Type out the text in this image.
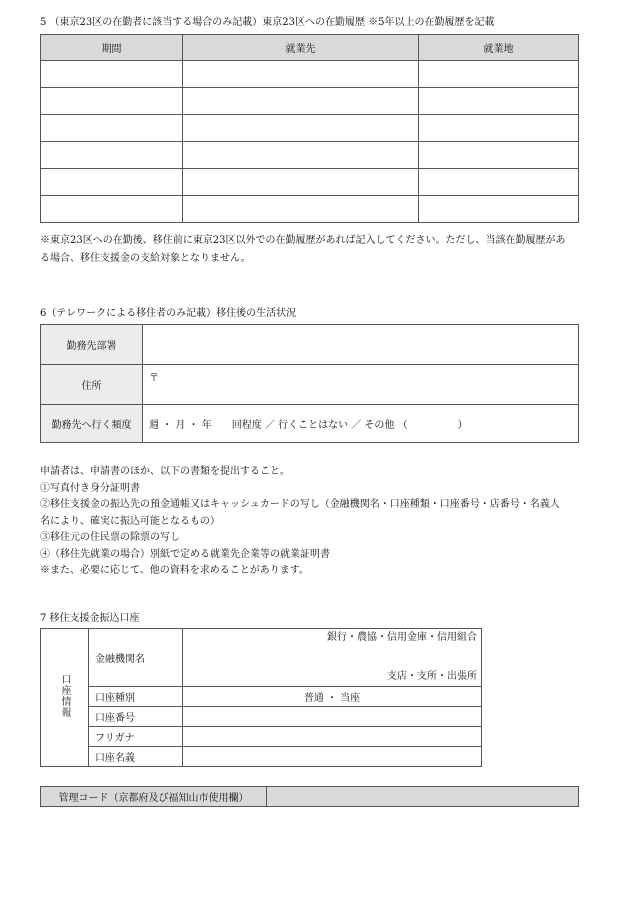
5 （東京23区の在勤者に該当する場合のみ記載）東京23区への在勤履歴 ※5年以上の在勤履歴を記載
期間	就業先	就業地

※東京23区への在勤後、移住前に東京23区以外での在勤履歴があれば記入してください。ただし、当該在勤履歴があ
る場合、移住支援金の支給対象となりません。
6（テレワークによる移住者のみ記載）移住後の生活状況
勤務先部署	
住所	〒
勤務先へ行く頻度	週 ・ 月 ・ 年　　回程度 ／ 行くことはない ／ その他 （　　　　　）
申請者は、申請書のほか、以下の書類を提出すること。
①写真付き身分証明書
②移住支援金の振込先の預金通帳又はキャッシュカードの写し（金融機関名・口座種類・口座番号・店番号・名義人
名により、確実に振込可能となるもの）
③移住元の住民票の除票の写し
④（移住先就業の場合）別紙で定める就業先企業等の就業証明書
※また、必要に応じて、他の資料を求めることがあります。
7 移住支援金振込口座
口座情報	金融機関名	銀行・農協・信用金庫・信用組合
支店・支所・出張所

	口座種別	普通 ・ 当座
	口座番号	
	フリガナ	
	口座名義	
管理コード（京都府及び福知山市使用欄）	
